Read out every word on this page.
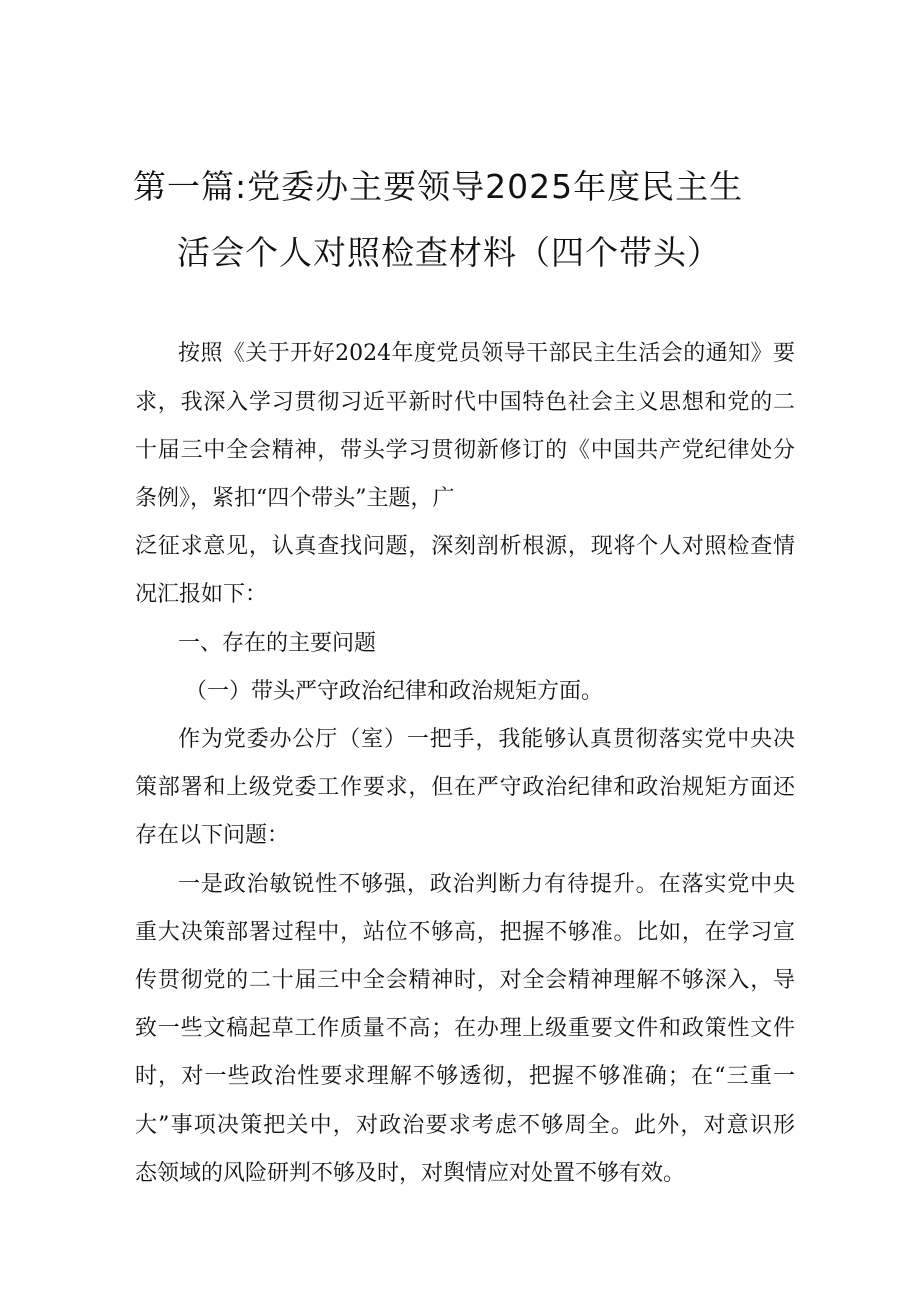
第一篇:党委办主要领导2025年度民主生
活会个人对照检查材料（四个带头）
按照《关于开好2024年度党员领导干部民主生活会的通知》要
求，我深入学习贯彻习近平新时代中国特色社会主义思想和党的二
十届三中全会精神，带头学习贯彻新修订的《中国共产党纪律处分
条例》，紧扣“四个带头”主题，广
泛征求意见，认真查找问题，深刻剖析根源，现将个人对照检查情
况汇报如下：
一、存在的主要问题
（一）带头严守政治纪律和政治规矩方面。
作为党委办公厅（室）一把手，我能够认真贯彻落实党中央决
策部署和上级党委工作要求，但在严守政治纪律和政治规矩方面还
存在以下问题：
一是政治敏锐性不够强，政治判断力有待提升。在落实党中央
重大决策部署过程中，站位不够高，把握不够准。比如，在学习宣
传贯彻党的二十届三中全会精神时，对全会精神理解不够深入，导
致一些文稿起草工作质量不高；在办理上级重要文件和政策性文件
时，对一些政治性要求理解不够透彻，把握不够准确；在“三重一
大”事项决策把关中，对政治要求考虑不够周全。此外，对意识形
态领域的风险研判不够及时，对舆情应对处置不够有效。
